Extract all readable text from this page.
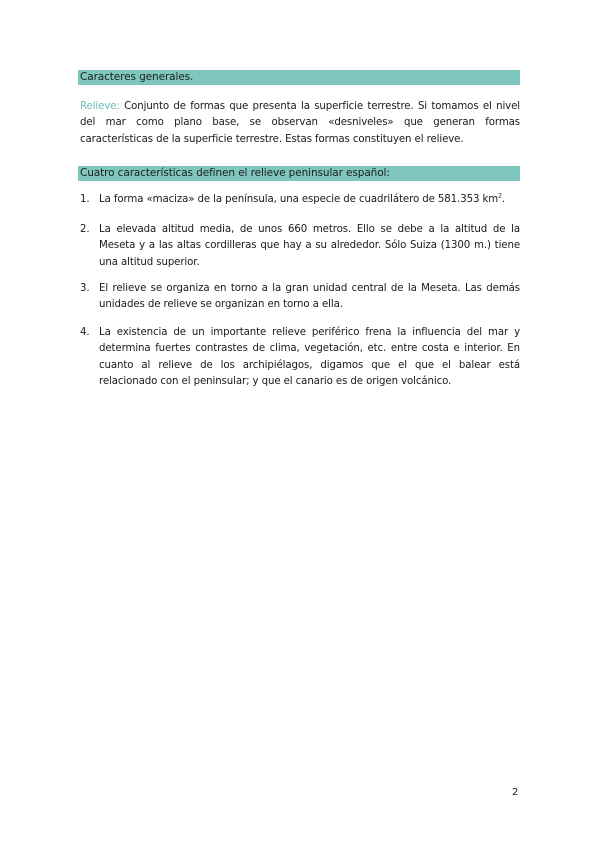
Caracteres generales.
Relieve: Conjunto de formas que presenta la superficie terrestre. Si tomamos el nivel del mar como plano base, se observan «desniveles» que generan formas características de la superficie terrestre. Estas formas constituyen el relieve.
Cuatro características definen el relieve peninsular español:
1. La forma «maciza» de la península, una especie de cuadrilátero de 581.353 $km^2$.
2. La elevada altitud media, de unos 660 metros. Ello se debe a la altitud de la Meseta y a las altas cordilleras que hay a su alrededor. Sólo Suiza (1300 m.) tiene una altitud superior.
3. El relieve se organiza en torno a la gran unidad central de la Meseta. Las demás unidades de relieve se organizan en torno a ella.
4. La existencia de un importante relieve periférico frena la influencia del mar y determina fuertes contrastes de clima, vegetación, etc. entre costa e interior. En cuanto al relieve de los archipiélagos, digamos que el que el balear está relacionado con el peninsular; y que el canario es de origen volcánico.
2
